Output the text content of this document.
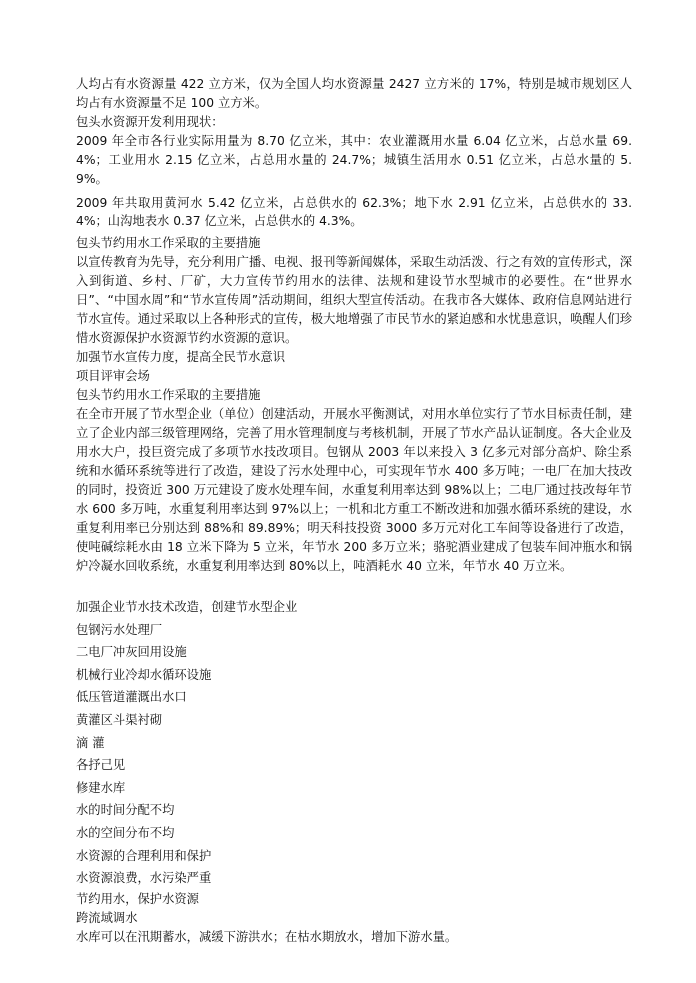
人均占有水资源量 422 立方米，仅为全国人均水资源量 2427 立方米的 17%，特别是城市规划区人均占有水资源量不足 100 立方米。

包头水资源开发利用现状：

2009 年全市各行业实际用量为 8.70 亿立米，其中：农业灌溉用水量 6.04 亿立米，占总水量 69.4%；工业用水 2.15 亿立米，占总用水量的 24.7%；城镇生活用水 0.51 亿立米，占总水量的 5.9%。

2009 年共取用黄河水 5.42 亿立米，占总供水的 62.3%；地下水 2.91 亿立米，占总供水的 33.4%；山沟地表水 0.37 亿立米，占总供水的 4.3%。

包头节约用水工作采取的主要措施

以宣传教育为先导，充分利用广播、电视、报刊等新闻媒体，采取生动活泼、行之有效的宣传形式，深入到街道、乡村、厂矿，大力宣传节约用水的法律、法规和建设节水型城市的必要性。在“世界水日”、“中国水周”和“节水宣传周”活动期间，组织大型宣传活动。在我市各大媒体、政府信息网站进行节水宣传。通过采取以上各种形式的宣传，极大地增强了市民节水的紧迫感和水忧患意识，唤醒人们珍惜水资源保护水资源节约水资源的意识。

加强节水宣传力度，提高全民节水意识

项目评审会场

包头节约用水工作采取的主要措施

在全市开展了节水型企业（单位）创建活动，开展水平衡测试，对用水单位实行了节水目标责任制，建立了企业内部三级管理网络，完善了用水管理制度与考核机制，开展了节水产品认证制度。各大企业及用水大户，投巨资完成了多项节水技改项目。包钢从 2003 年以来投入 3 亿多元对部分高炉、除尘系统和水循环系统等进行了改造，建设了污水处理中心，可实现年节水 400 多万吨；一电厂在加大技改的同时，投资近 300 万元建设了废水处理车间，水重复利用率达到 98%以上；二电厂通过技改每年节水 600 多万吨，水重复利用率达到 97%以上；一机和北方重工不断改进和加强水循环系统的建设，水重复利用率已分别达到 88%和 89.89%；明天科技投资 3000 多万元对化工车间等设备进行了改造，使吨碱综耗水由 18 立米下降为 5 立米，年节水 200 多万立米；骆驼酒业建成了包装车间冲瓶水和锅炉冷凝水回收系统，水重复利用率达到 80%以上，吨酒耗水 40 立米，年节水 40 万立米。

加强企业节水技术改造，创建节水型企业

包钢污水处理厂

二电厂冲灰回用设施

机械行业冷却水循环设施

低压管道灌溉出水口

黄灌区斗渠衬砌

滴 灌

各抒己见

修建水库

水的时间分配不均

水的空间分布不均

水资源的合理利用和保护

水资源浪费，水污染严重

节约用水，保护水资源

跨流域调水

水库可以在汛期蓄水，减缓下游洪水；在枯水期放水，增加下游水量。
